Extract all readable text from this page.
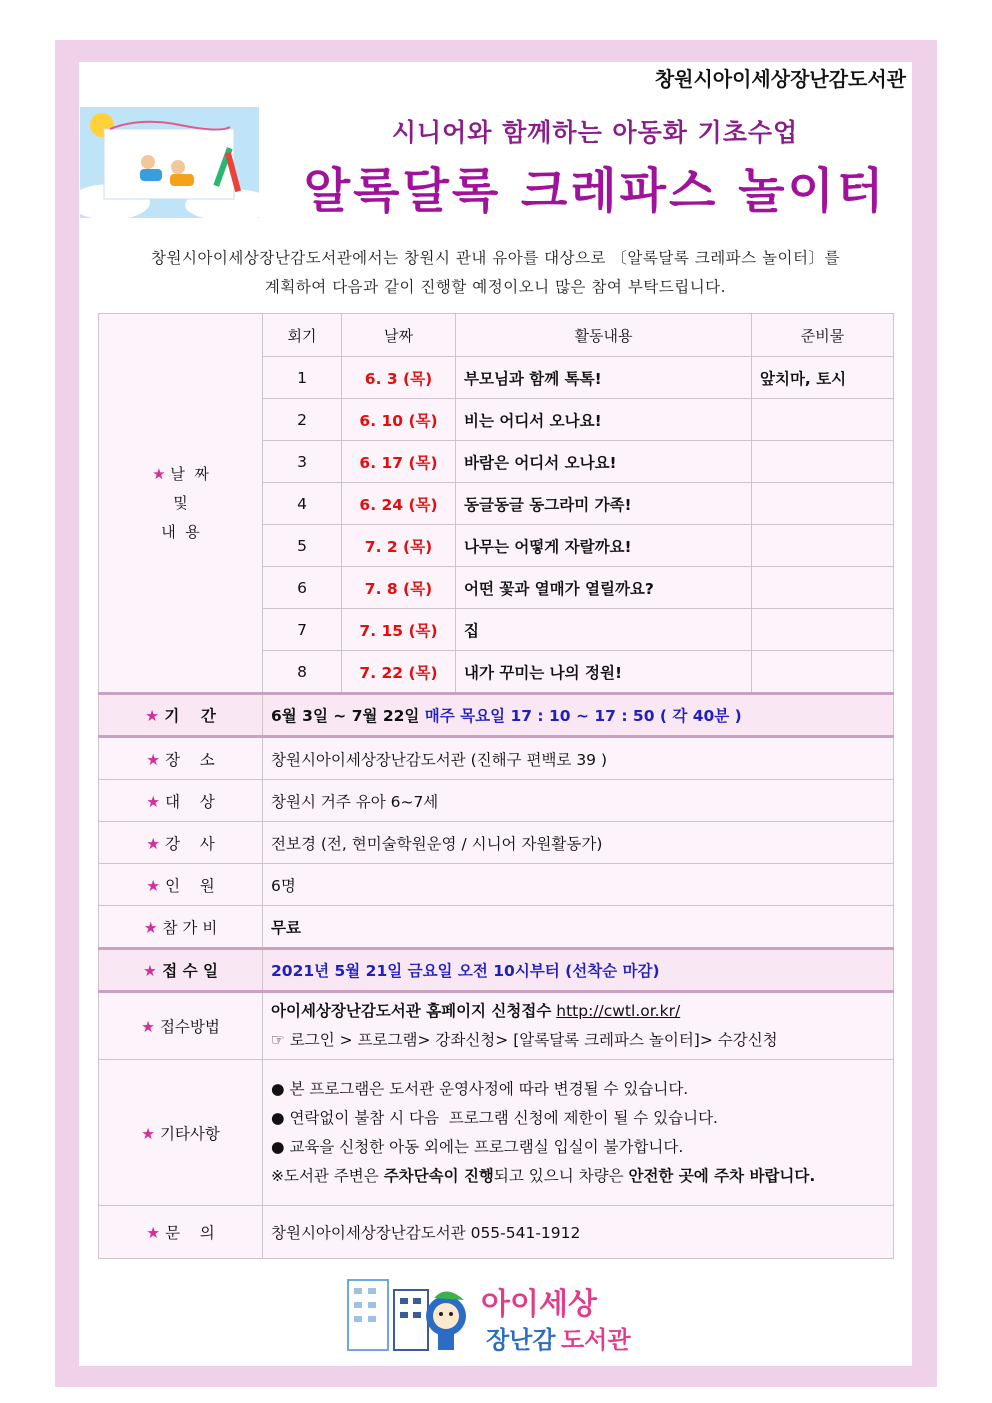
창원시아이세상장난감도서관
시니어와 함께하는 아동화 기초수업
알록달록 크레파스 놀이터

창원시아이세상장난감도서관에서는 창원시 관내 유아를 대상으로 〔알록달록 크레파스 놀이터〕를

계획하여 다음과 같이 진행할 예정이오니 많은 참여 부탁드립니다.

★ 날  짜
및
내  용	회기	날짜	활동내용	준비물
	1	6. 3 (목)	부모님과 함께 톡톡!	앞치마, 토시
	2	6. 10 (목)	비는 어디서 오나요!	
	3	6. 17 (목)	바람은 어디서 오나요!	
	4	6. 24 (목)	동글동글 동그라미 가족!	
	5	7. 2 (목)	나무는 어떻게 자랄까요!	
	6	7. 8 (목)	어떤 꽃과 열매가 열릴까요?	
	7	7. 15 (목)	집	
	8	7. 22 (목)	내가 꾸미는 나의 정원!	
★ 기    간	6월 3일 ~ 7월 22일 매주 목요일 17 : 10 ~ 17 : 50 ( 각 40분 )			
★ 장    소	창원시아이세상장난감도서관 (진해구 편백로 39 )			
★ 대    상	창원시 거주 유아 6~7세			
★ 강    사	전보경 (전, 현미술학원운영 / 시니어 자원활동가)			
★ 인    원	6명			
★ 참 가 비	무료			
★ 접 수 일	2021년 5월 21일 금요일 오전 10시부터 (선착순 마감)			
★ 접수방법	아이세상장난감도서관 홈페이지 신청접수 http://cwtl.or.kr/
☞ 로그인 > 프로그램> 강좌신청> [알록달록 크레파스 놀이터]> 수강신청			

★ 기타사항	● 본 프로그램은 도서관 운영사정에 따라 변경될 수 있습니다.
● 연락없이 불참 시 다음  프로그램 신청에 제한이 될 수 있습니다.
● 교육을 신청한 아동 외에는 프로그램실 입실이 불가합니다.
※도서관 주변은 주차단속이 진행되고 있으니 차량은 안전한 곳에 주차 바랍니다.			

★ 문    의	창원시아이세상장난감도서관 055-541-1912			
아이세상
장난감 도서관
